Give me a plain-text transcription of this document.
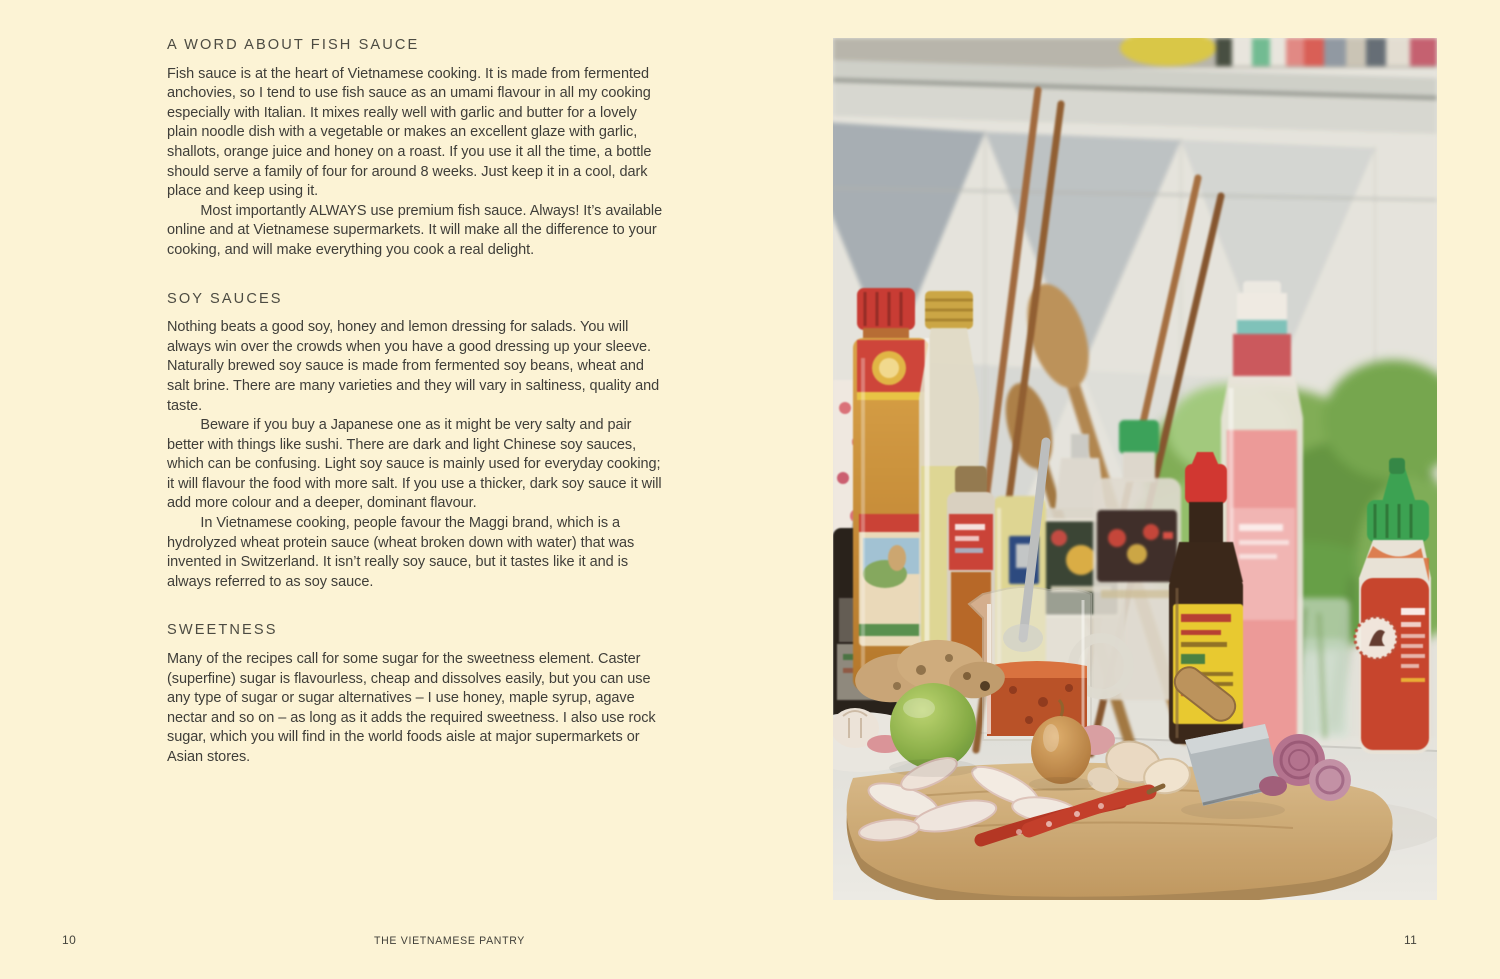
A WORD ABOUT FISH SAUCE

Fish sauce is at the heart of Vietnamese cooking. It is made from fermented anchovies, so I tend to use fish sauce as an umami flavour in all my cooking especially with Italian. It mixes really well with garlic and butter for a lovely plain noodle dish with a vegetable or makes an excellent glaze with garlic, shallots, orange juice and honey on a roast. If you use it all the time, a bottle should serve a family of four for around 8 weeks. Just keep it in a cool, dark place and keep using it.

Most importantly ALWAYS use premium fish sauce. Always! It’s available online and at Vietnamese supermarkets. It will make all the difference to your cooking, and will make everything you cook a real delight.

SOY SAUCES

Nothing beats a good soy, honey and lemon dressing for salads. You will always win over the crowds when you have a good dressing up your sleeve. Naturally brewed soy sauce is made from fermented soy beans, wheat and salt brine. There are many varieties and they will vary in saltiness, quality and taste.

Beware if you buy a Japanese one as it might be very salty and pair better with things like sushi. There are dark and light Chinese soy sauces, which can be confusing. Light soy sauce is mainly used for everyday cooking; it will flavour the food with more salt. If you use a thicker, dark soy sauce it will add more colour and a deeper, dominant flavour.

In Vietnamese cooking, people favour the Maggi brand, which is a hydrolyzed wheat protein sauce (wheat broken down with water) that was invented in Switzerland. It isn’t really soy sauce, but it tastes like it and is always referred to as soy sauce.

SWEETNESS

Many of the recipes call for some sugar for the sweetness element. Caster (superfine) sugar is flavourless, cheap and dissolves easily, but you can use any type of sugar or sugar alternatives – I use honey, maple syrup, agave nectar and so on – as long as it adds the required sweetness. I also use rock sugar, which you will find in the world foods aisle at major supermarkets or Asian stores.

10	THE VIETNAMESE PANTRY	11
